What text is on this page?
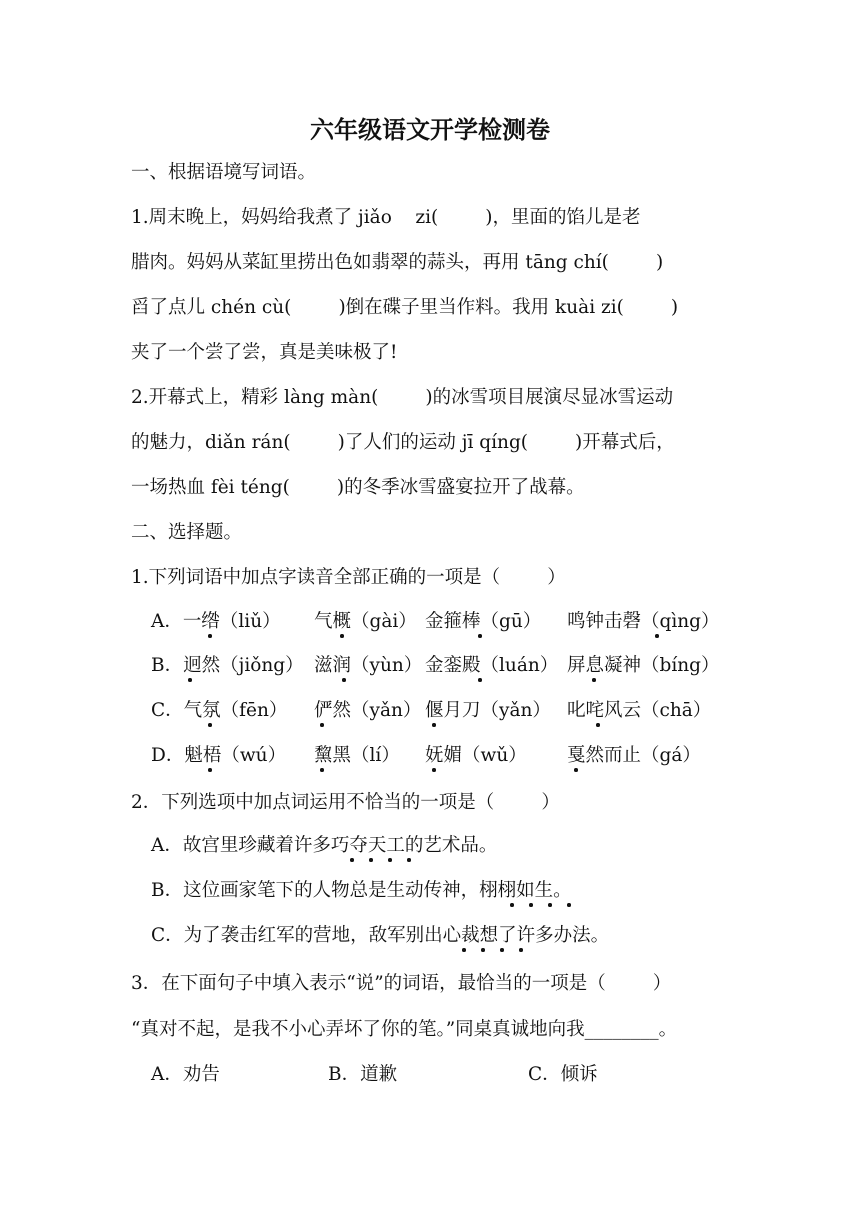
六年级语文开学检测卷
一、根据语境写词语。
1.周末晚上，妈妈给我煮了 jiǎo    zi(        )，里面的馅儿是老
腊肉。妈妈从菜缸里捞出色如翡翠的蒜头，再用 tāng chí(        )
舀了点儿 chén cù(        )倒在碟子里当作料。我用 kuài zi(        )
夹了一个尝了尝，真是美味极了!
2.开幕式上，精彩 làng màn(        )的冰雪项目展演尽显冰雪运动
的魅力，diǎn rán(        )了人们的运动 jī qíng(        )开幕式后，
一场热血 fèi téng(        )的冬季冰雪盛宴拉开了战幕。
二、选择题。
1.下列词语中加点字读音全部正确的一项是（        ）
A．一绺（liǔ） 气概（gài） 金箍棒（gū） 鸣钟击磬（qìng）
B．迥然（jiǒng） 滋润（yùn） 金銮殿（luán） 屏息凝神（bíng）
C．气氛（fēn） 俨然（yǎn） 偃月刀（yǎn） 叱咤风云（chā）
D．魁梧（wú） 黧黑（lí） 妩媚（wǔ） 戛然而止（gá）
2．下列选项中加点词运用不恰当的一项是（        ）
A．故宫里珍藏着许多巧夺天工的艺术品。
B．这位画家笔下的人物总是生动传神，栩栩如生。
C．为了袭击红军的营地，敌军别出心裁想了许多办法。
3．在下面句子中填入表示“说”的词语，最恰当的一项是（        ）
“真对不起，是我不小心弄坏了你的笔。”同桌真诚地向我________。
A．劝告	B．道歉	C．倾诉
